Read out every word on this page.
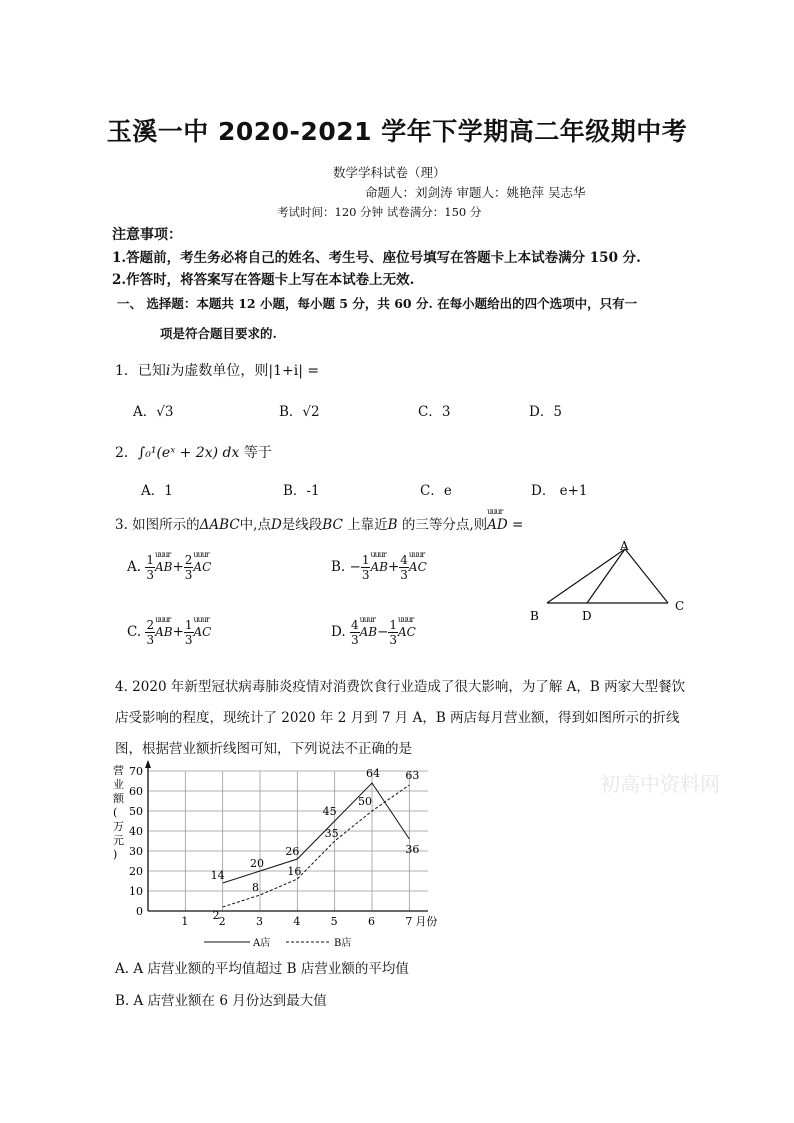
玉溪一中 2020-2021 学年下学期高二年级期中考
数学学科试卷（理）
命题人：刘剑涛 审题人：姚艳萍 吴志华
考试时间：120 分钟 试卷满分：150 分
注意事项：
1.答题前，考生务必将自己的姓名、考生号、座位号填写在答题卡上本试卷满分 150 分.
2.作答时，将答案写在答题卡上写在本试卷上无效.
一、 选择题：本题共 12 小题，每小题 5 分，共 60 分. 在每小题给出的四个选项中，只有一
项是符合题目要求的.
1．已知i为虚数单位，则|1+i| =
A．√3	B．√2	C．3	D．5
2．∫₀¹(eˣ + 2x) dx 等于
A．1	B．-1	C．e	D． e+1
3. 如图所示的ΔABC中,点D是线段BC 上靠近B 的三等分点,则uuur AD =
A. $\frac{1}{3}$ uuur $AB+ \frac{2}{3}$ uuur AC	B. − $\frac{1}{3}$ uuur $AB+ \frac{4}{3}$ uuur AC
C. $\frac{2}{3}$ uuur $AB+ \frac{1}{3}$ uuur AC	D. $\frac{4}{3}$ uuur $AB- \frac{1}{3}$ uuur AC
A
B	D
C
4. 2020 年新型冠状病毒肺炎疫情对消费饮食行业造成了很大影响，为了解 A，B 两家大型餐饮
店受影响的程度，现统计了 2020 年 2 月到 7 月 A，B 两店每月营业额，得到如图所示的折线
图，根据营业额折线图可知，下列说法不正确的是
初高中资料网
0
10
20
30
40
50
60
70
1	2	3	4	5	6	7 月份
14
20
26
45
64
36
2
8
16
35
50
63
营业额(万元)
A店	B店
A. A 店营业额的平均值超过 B 店营业额的平均值
B. A 店营业额在 6 月份达到最大值
